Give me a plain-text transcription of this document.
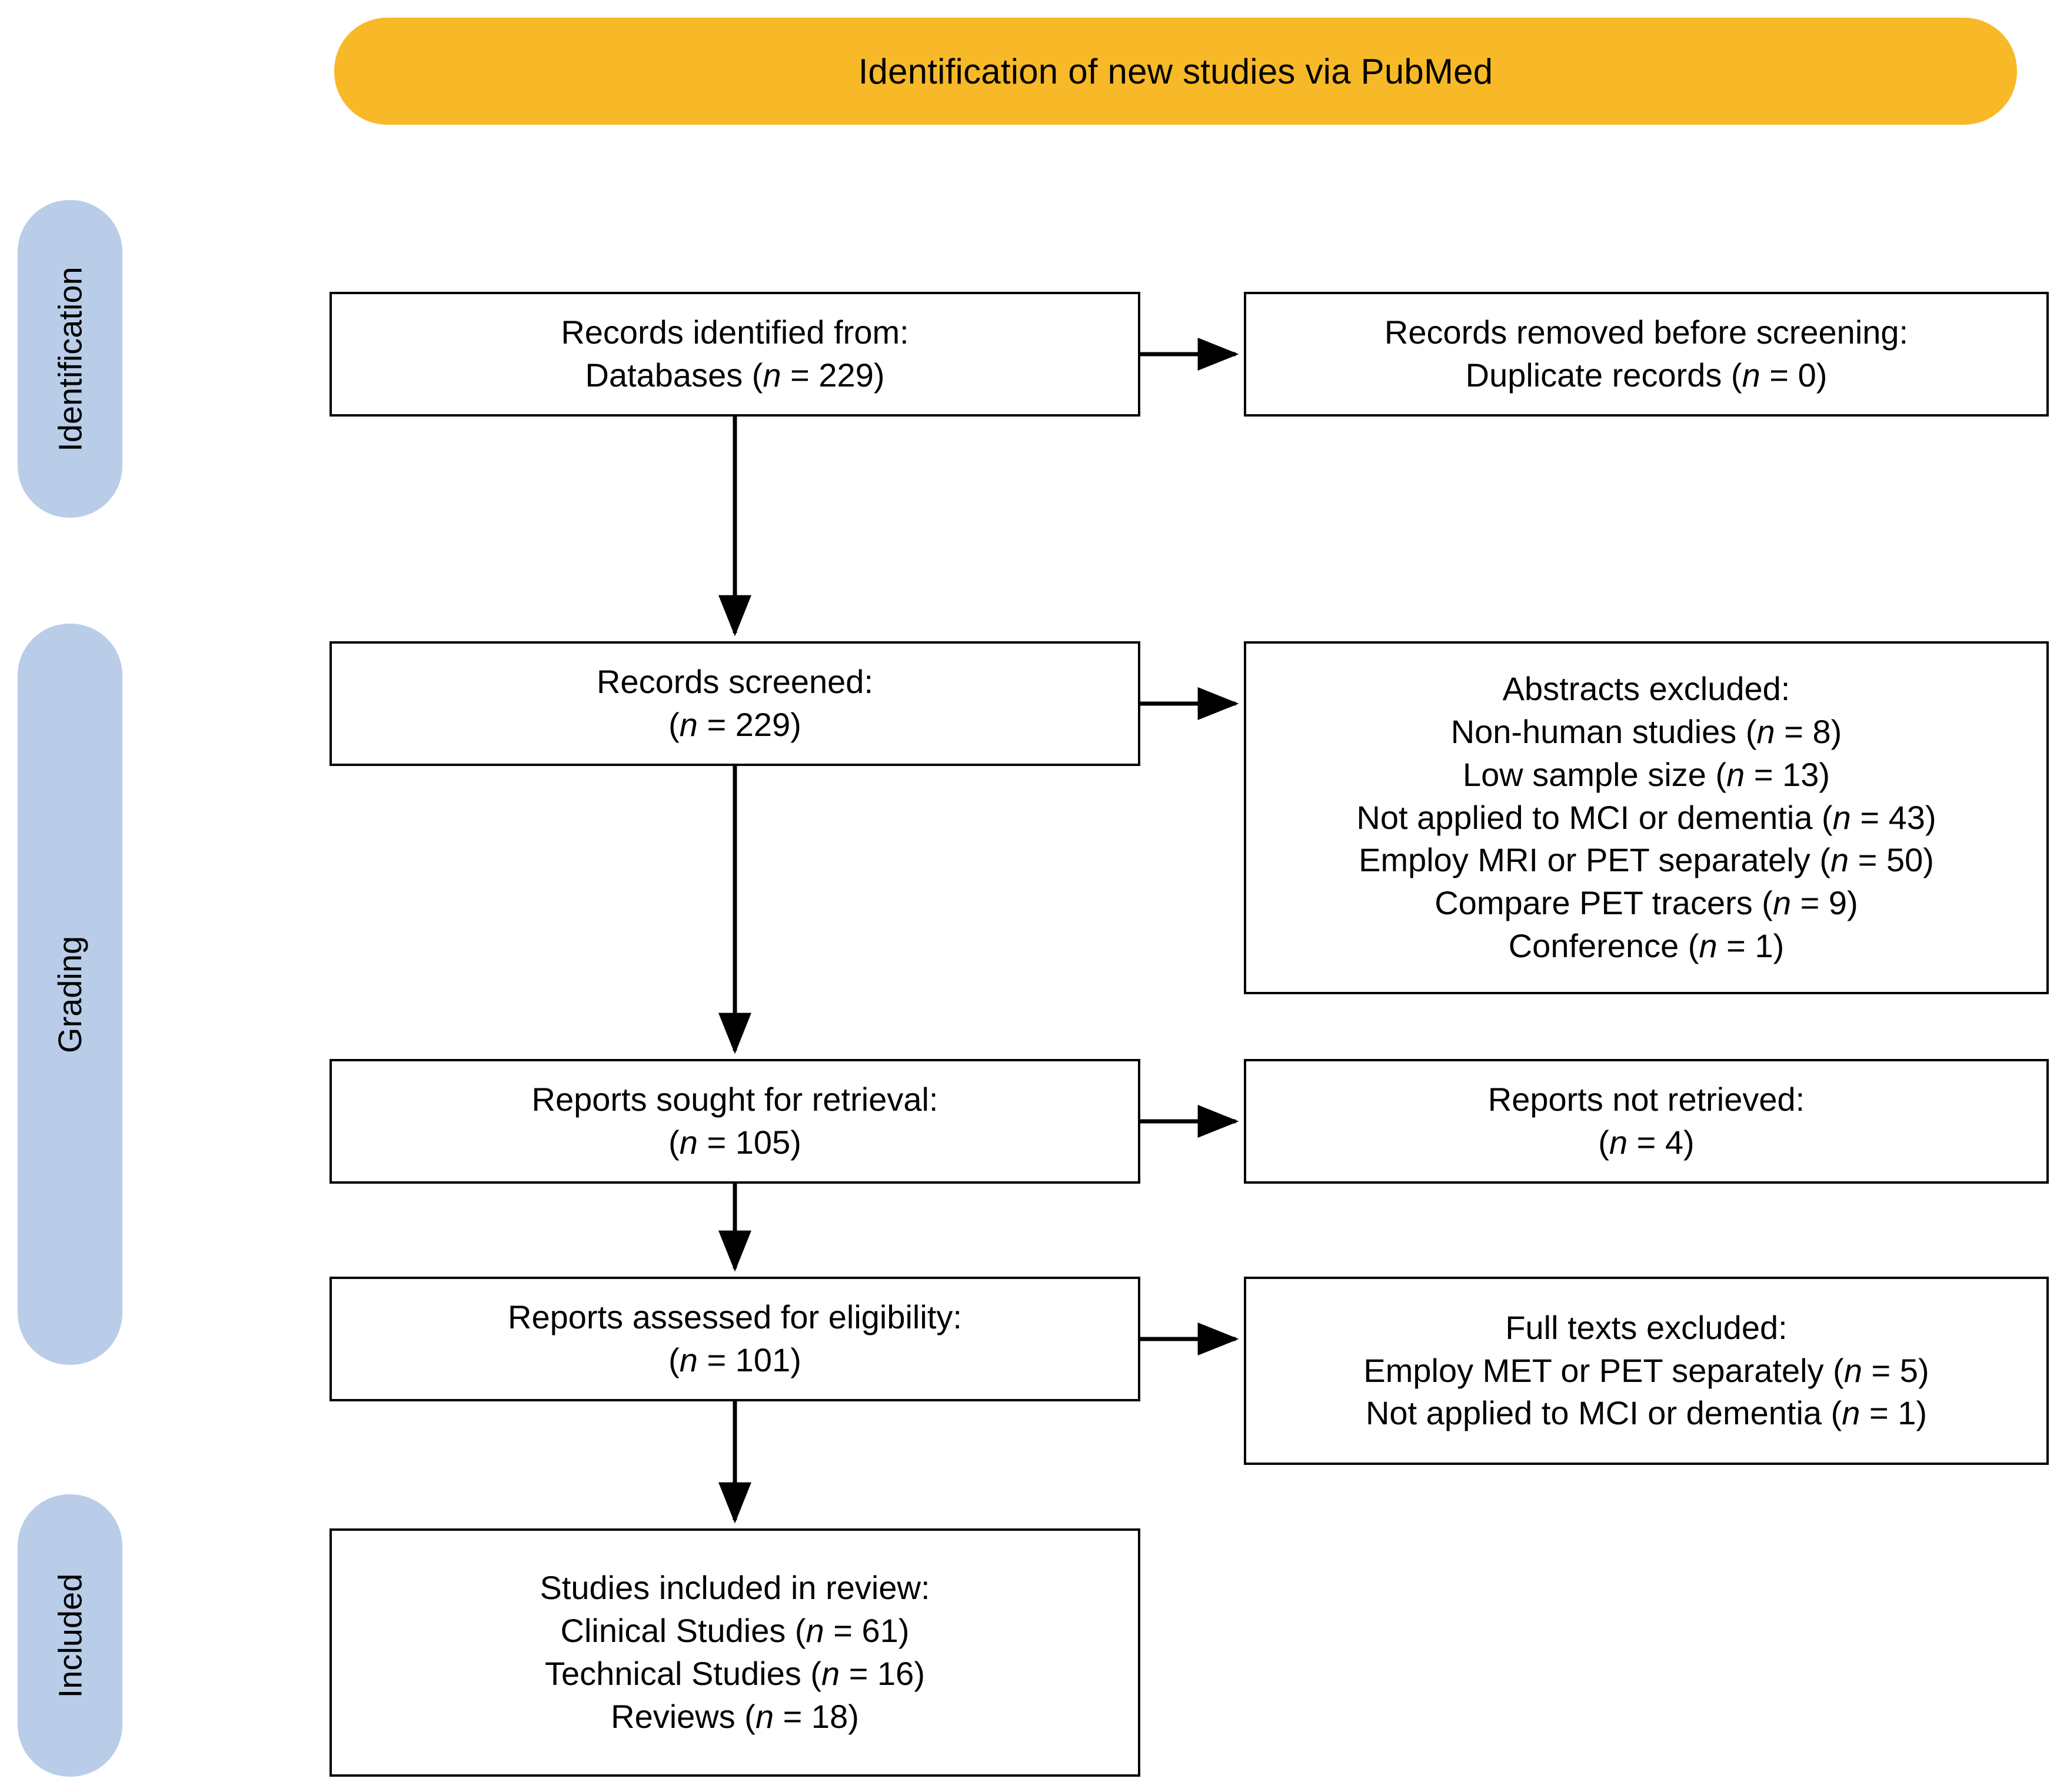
Identification of new studies via PubMed
Identification
Grading
Included
Records identified from:
Databases (n = 229)
Records removed before screening:
Duplicate records (n = 0)
Records screened:
(n = 229)
Abstracts excluded:
Non-human studies (n = 8)
Low sample size (n = 13)
Not applied to MCI or dementia (n = 43)
Employ MRI or PET separately (n = 50)
Compare PET tracers (n = 9)
Conference (n = 1)
Reports sought for retrieval:
(n = 105)
Reports not retrieved:
(n = 4)
Reports assessed for eligibility:
(n = 101)
Full texts excluded:
Employ MET or PET separately (n = 5)
Not applied to MCI or dementia (n = 1)
Studies included in review:
Clinical Studies (n = 61)
Technical Studies (n = 16)
Reviews (n = 18)
